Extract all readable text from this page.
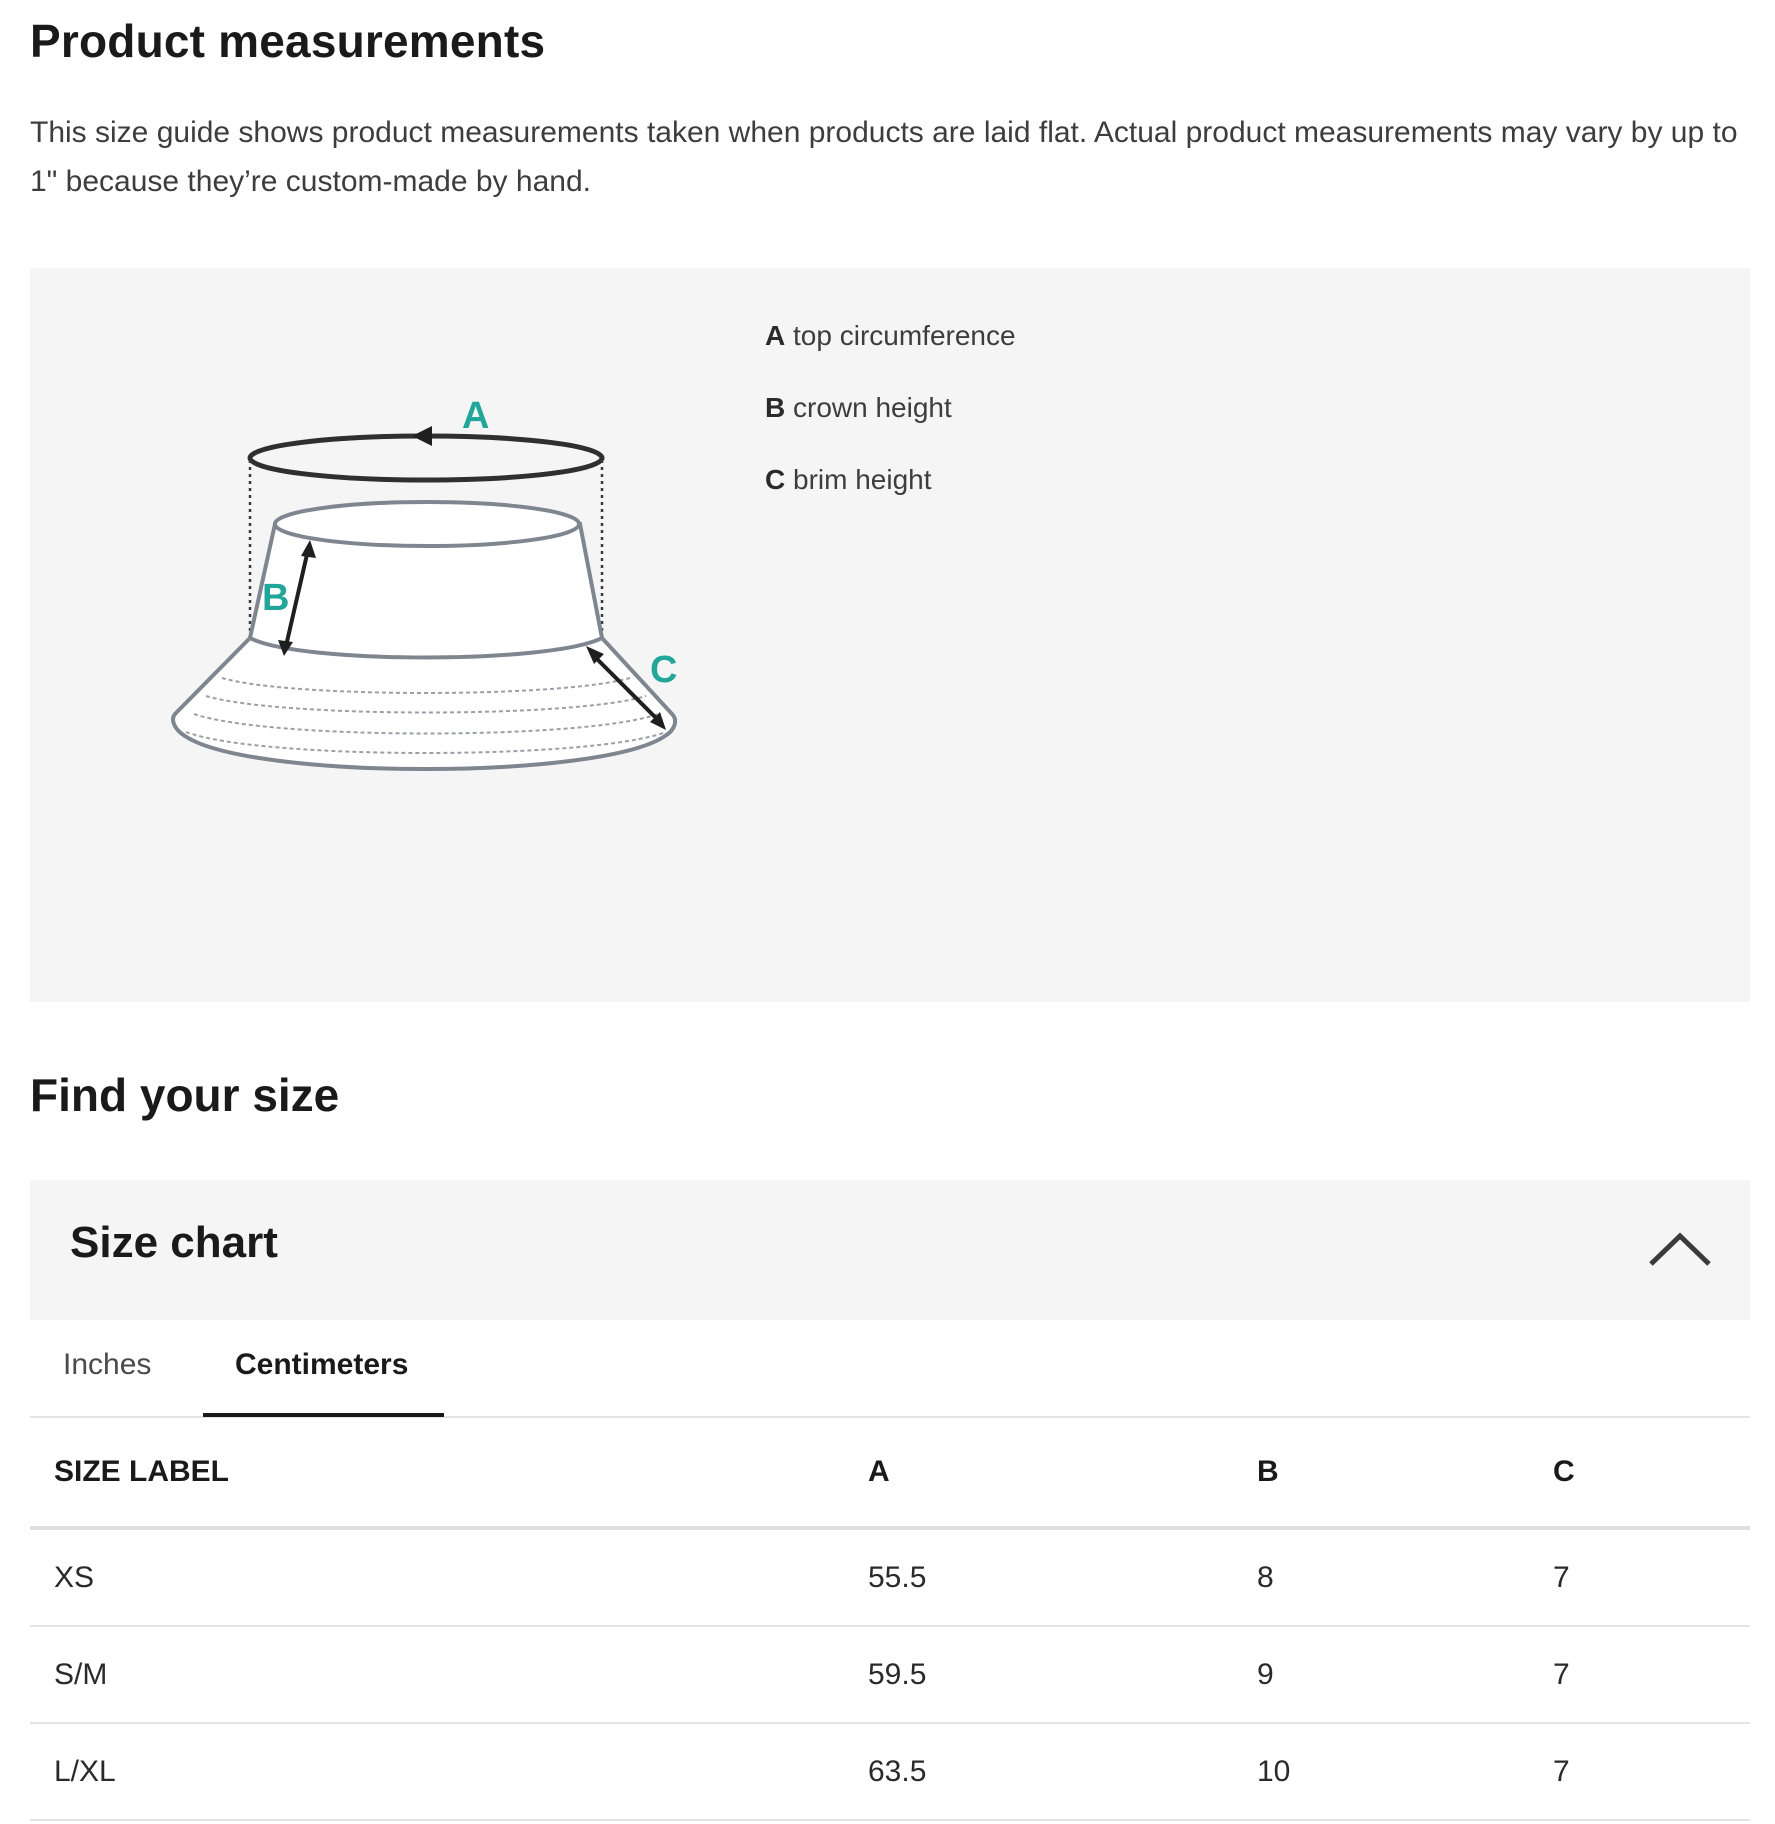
Product measurements

This size guide shows product measurements taken when products are laid flat. Actual product measurements may vary by up to 1" because they’re custom-made by hand.

A
B
C
A top circumference
B crown height
C brim height
Find your size
Size chart
Inches	Centimeters
SIZE LABEL	A	B	C
XS	55.5	8	7
S/M	59.5	9	7
L/XL	63.5	10	7
